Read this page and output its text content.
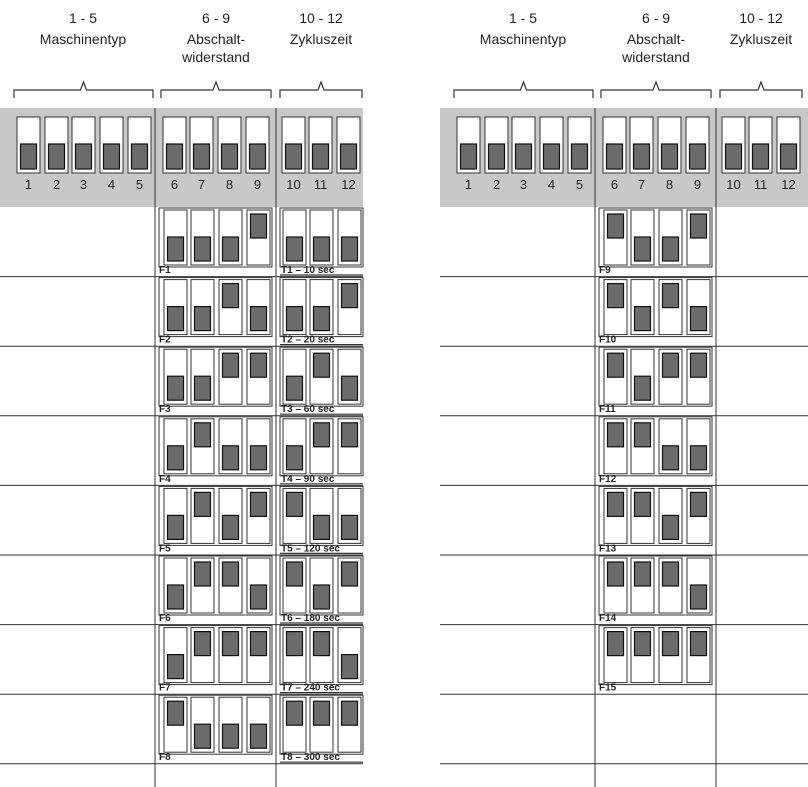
1 - 5
Maschinentyp
6 - 9
Abschalt-
widerstand
10 - 12
Zykluszeit
1 2 3 4 5 6 7 8 9 10 11 12
F1	T1 – 10 sec
F2	T2 – 20 sec
F3	T3 – 60 sec
F4	T4 – 90 sec
F5	T5 – 120 sec
F6	T6 – 180 sec
F7	T7 – 240 sec
F8	T8 – 300 sec
1 - 5
Maschinentyp
6 - 9
Abschalt-
widerstand
10 - 12
Zykluszeit
1 2 3 4 5 6 7 8 9 10 11 12
F9
F10
F11
F12
F13
F14
F15
